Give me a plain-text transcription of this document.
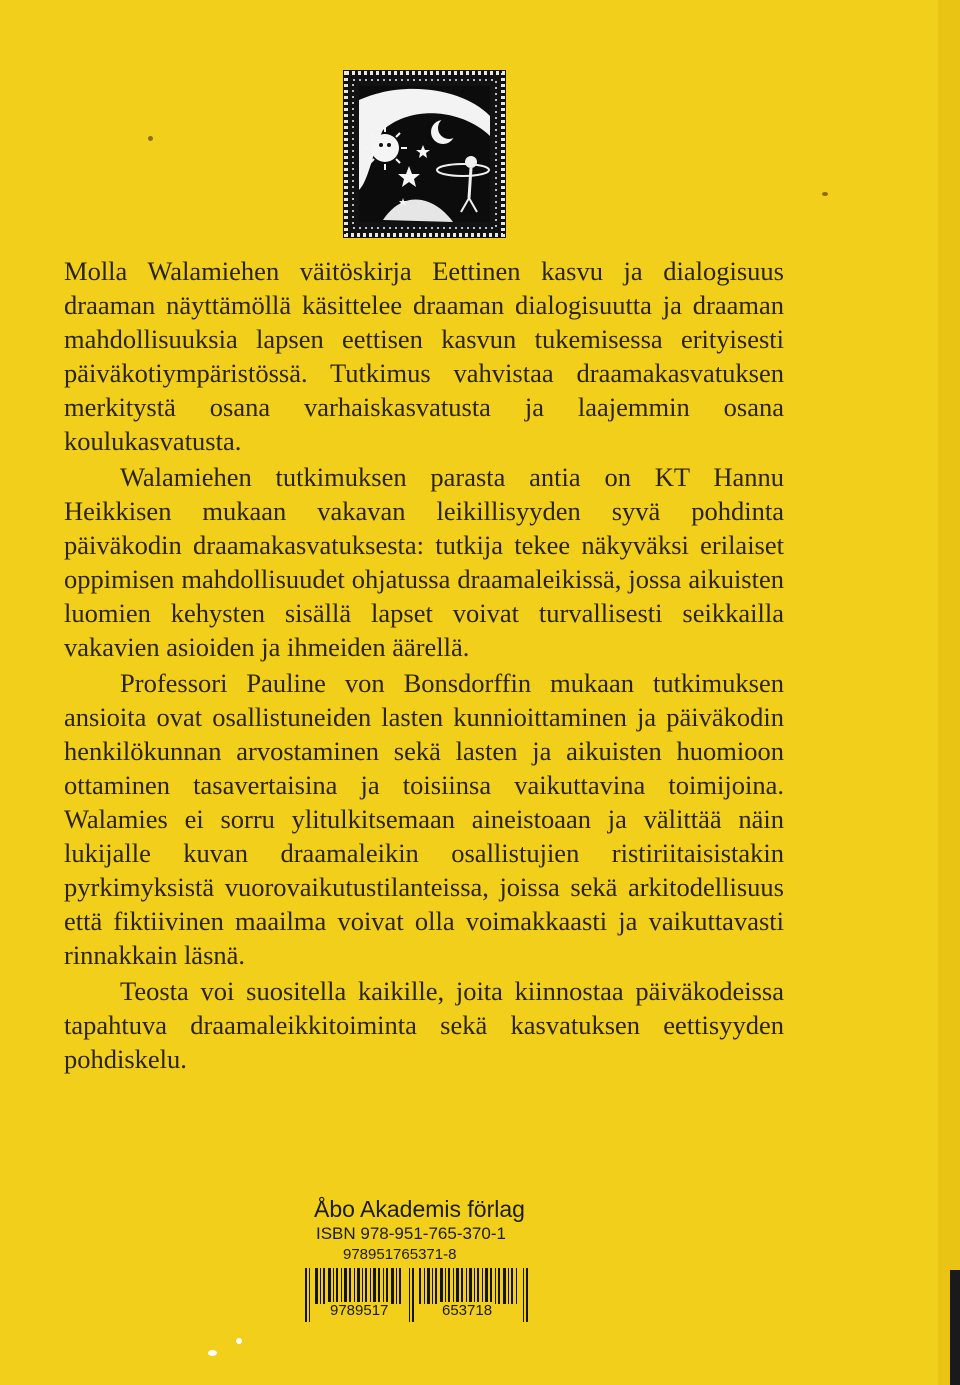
Molla Walamiehen väitöskirja Eettinen kasvu ja dialogisuus draaman näyttämöllä käsittelee draaman dialogisuutta ja draaman mahdollisuuksia lapsen eettisen kasvun tukemisessa erityisesti päiväkotiympäristössä. Tutkimus vahvistaa draamakasvatuksen merkitystä osana varhaiskasvatusta ja laajemmin osana koulukasvatusta.

Walamiehen tutkimuksen parasta antia on KT Hannu Heikkisen mukaan vakavan leikillisyyden syvä pohdinta päiväkodin draamakasvatuksesta: tutkija tekee näkyväksi erilaiset oppimisen mahdollisuudet ohjatussa draamaleikissä, jossa aikuisten luomien kehysten sisällä lapset voivat turvallisesti seikkailla vakavien asioiden ja ihmeiden äärellä.

Professori Pauline von Bonsdorffin mukaan tutkimuksen ansioita ovat osallistuneiden lasten kunnioittaminen ja päiväkodin henkilökunnan arvostaminen sekä lasten ja aikuisten huomioon ottaminen tasavertaisina ja toisiinsa vaikuttavina toimijoina. Walamies ei sorru ylitulkitsemaan aineistoaan ja välittää näin lukijalle kuvan draamaleikin osallistujien ristiriitaisistakin pyrkimyksistä vuorovaikutustilanteissa, joissa sekä arkitodellisuus että fiktiivinen maailma voivat olla voimakkaasti ja vaikuttavasti rinnakkain läsnä.

Teosta voi suositella kaikille, joita kiinnostaa päiväkodeissa tapahtuva draamaleikkitoiminta sekä kasvatuksen eettisyyden pohdiskelu.

Åbo Akademis förlag
ISBN 978-951-765-370-1
978951765371-8
9789517	653718
